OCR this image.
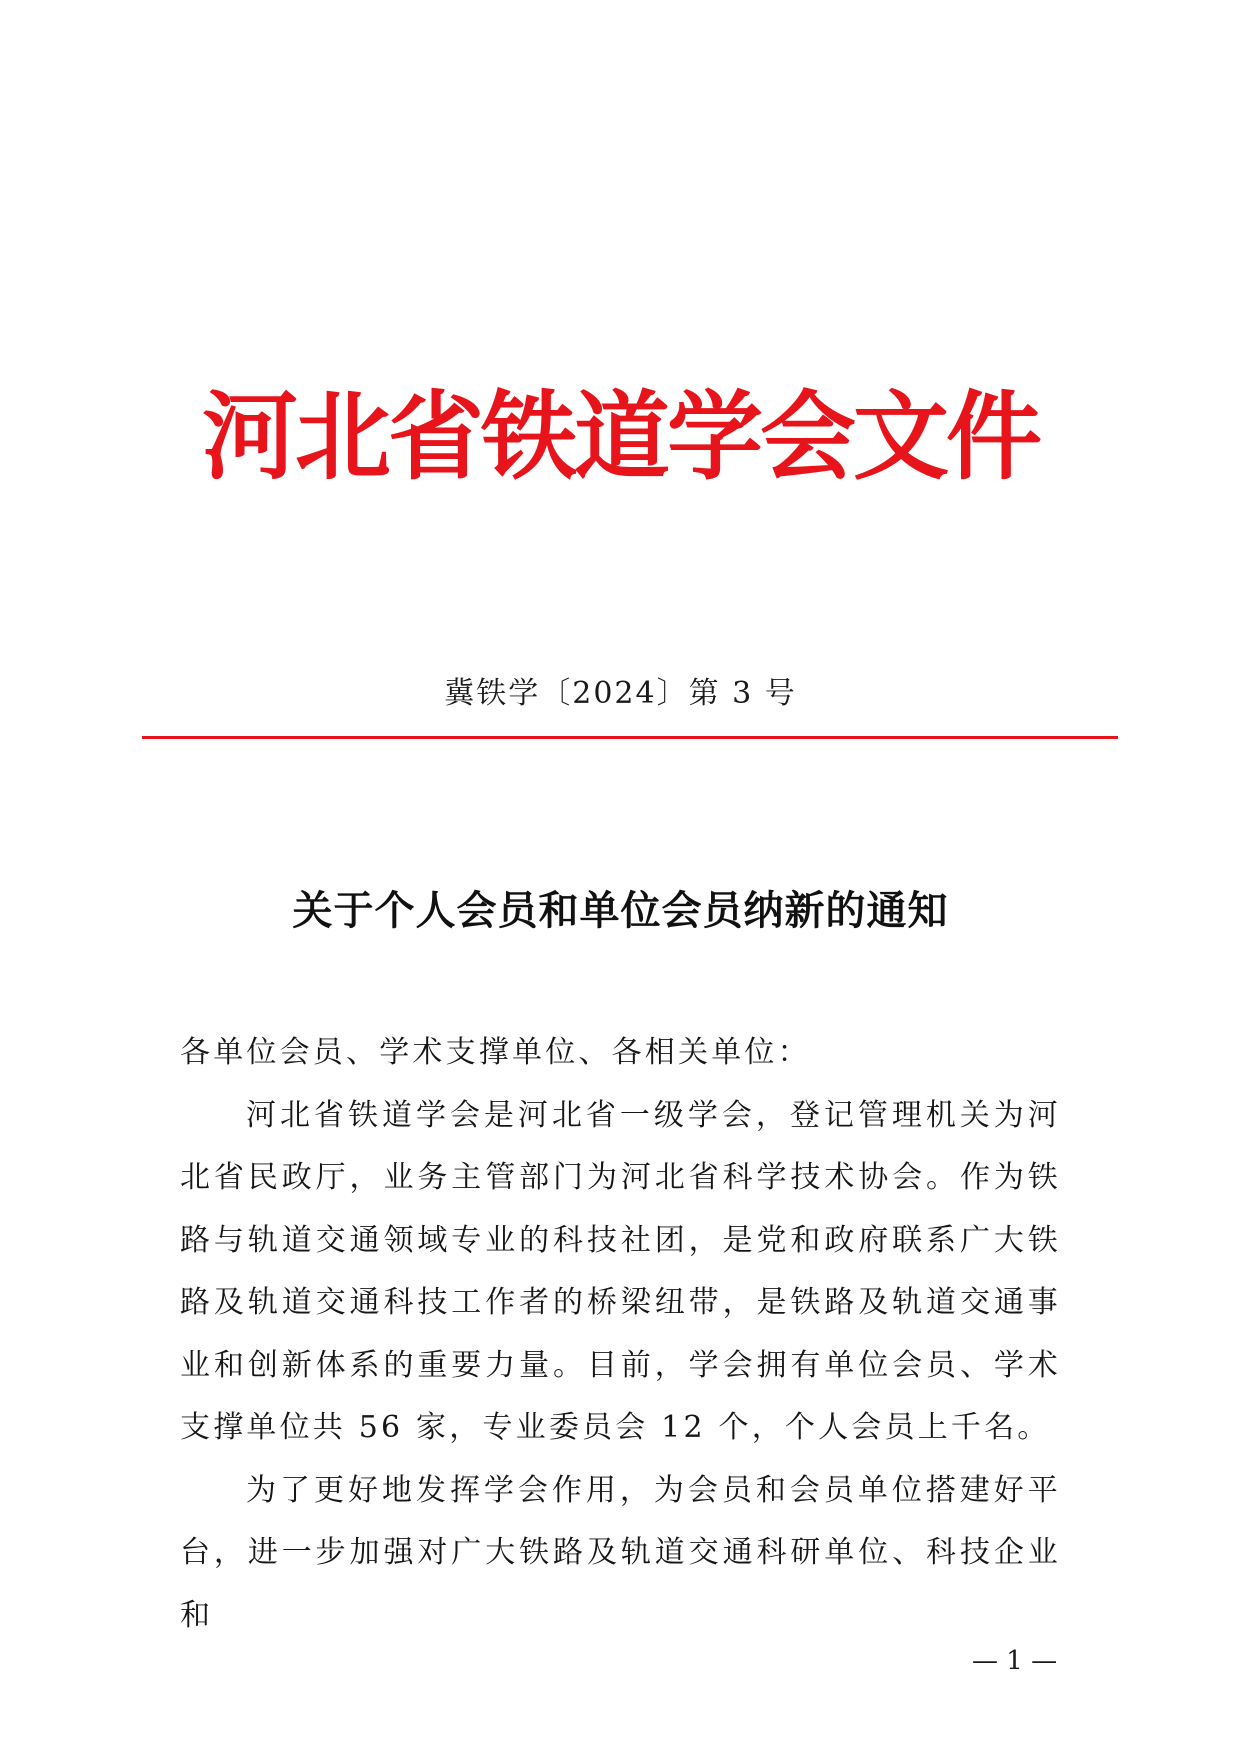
河北省铁道学会文件
冀铁学〔2024〕第 3 号
关于个人会员和单位会员纳新的通知

各单位会员、学术支撑单位、各相关单位：

河北省铁道学会是河北省一级学会，登记管理机关为河北省民政厅，业务主管部门为河北省科学技术协会。作为铁路与轨道交通领域专业的科技社团，是党和政府联系广大铁路及轨道交通科技工作者的桥梁纽带，是铁路及轨道交通事业和创新体系的重要力量。目前，学会拥有单位会员、学术支撑单位共 56 家，专业委员会 12 个，个人会员上千名。

为了更好地发挥学会作用，为会员和会员单位搭建好平台，进一步加强对广大铁路及轨道交通科研单位、科技企业和

— 1 —
